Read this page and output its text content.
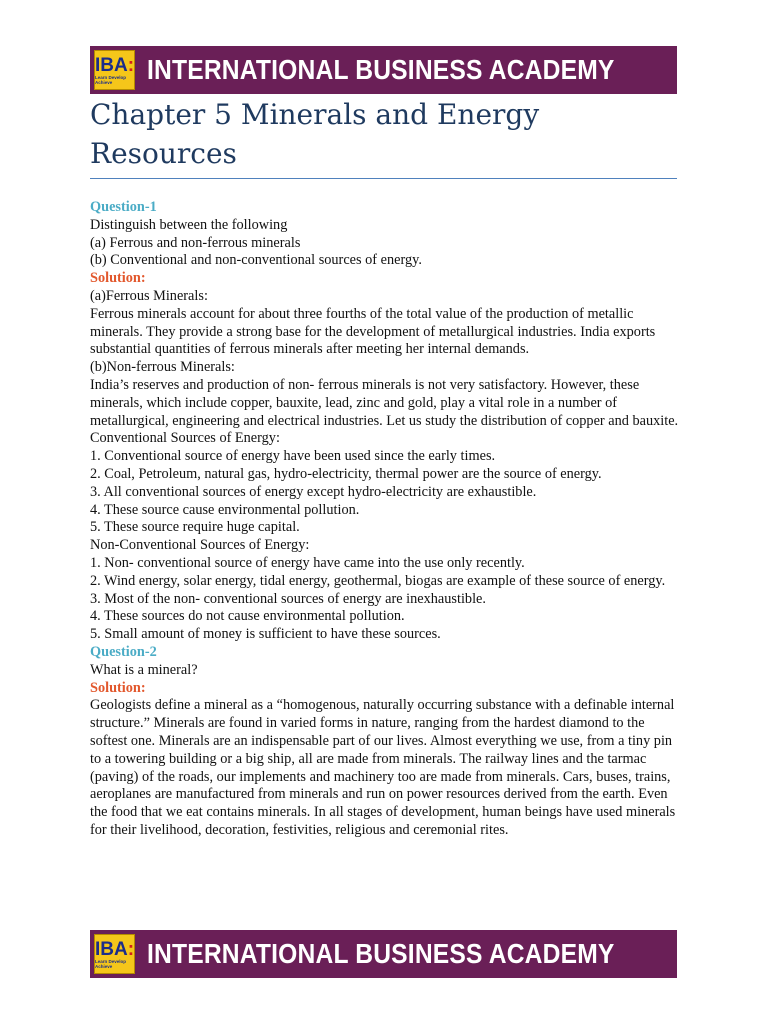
IBA:
Learn Develop Achieve	INTERNATIONAL BUSINESS ACADEMY
Chapter 5 Minerals and Energy Resources

Question-1

Distinguish between the following

(a) Ferrous and non-ferrous minerals

(b) Conventional and non-conventional sources of energy.

Solution:

(a)Ferrous Minerals:

Ferrous minerals account for about three fourths of the total value of the production of metallic minerals. They provide a strong base for the development of metallurgical industries. India exports substantial quantities of ferrous minerals after meeting her internal demands.

(b)Non-ferrous Minerals:

India’s reserves and production of non- ferrous minerals is not very satisfactory. However, these minerals, which include copper, bauxite, lead, zinc and gold, play a vital role in a number of metallurgical, engineering and electrical industries. Let us study the distribution of copper and bauxite.

Conventional Sources of Energy:

1. Conventional source of energy have been used since the early times.

2. Coal, Petroleum, natural gas, hydro-electricity, thermal power are the source of energy.

3. All conventional sources of energy except hydro-electricity are exhaustible.

4. These source cause environmental pollution.

5. These source require huge capital.

Non-Conventional Sources of Energy:

1. Non- conventional source of energy have came into the use only recently.

2. Wind energy, solar energy, tidal energy, geothermal, biogas are example of these source of energy.

3. Most of the non- conventional sources of energy are inexhaustible.

4. These sources do not cause environmental pollution.

5. Small amount of money is sufficient to have these sources.

Question-2

What is a mineral?

Solution:

Geologists define a mineral as a “homogenous, naturally occurring substance with a definable internal structure.” Minerals are found in varied forms in nature, ranging from the hardest diamond to the softest one. Minerals are an indispensable part of our lives. Almost everything we use, from a tiny pin to a towering building or a big ship, all are made from minerals. The railway lines and the tarmac (paving) of the roads, our implements and machinery too are made from minerals. Cars, buses, trains, aeroplanes are manufactured from minerals and run on power resources derived from the earth. Even the food that we eat contains minerals. In all stages of development, human beings have used minerals for their livelihood, decoration, festivities, religious and ceremonial rites.

IBA:
Learn Develop Achieve	INTERNATIONAL BUSINESS ACADEMY
